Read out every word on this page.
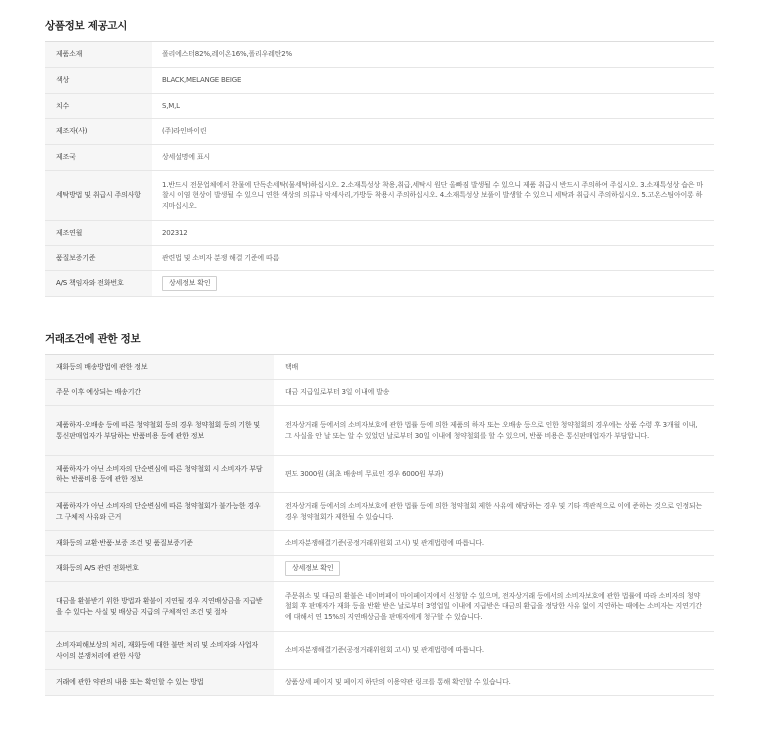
상품정보 제공고시
제품소재	폴리에스터82%,레이온16%,폴리우레탄2%
색상	BLACK,MELANGE BEIGE
치수	S,M,L
제조자(사)	(주)라인바이린
제조국	상세설명에 표시
세탁방법 및 취급시 주의사항	1.반드시 전문업체에서 찬물에 단독손세탁(물세탁)하십시오. 2.소재특성상 착용,취급,세탁시 원단 올빠짐 발생될 수 있으니 제품 취급시 반드시 주의하여 주십시오. 3.소재특성상 습은 마찰시 이염 현상이 발생될 수 있으니 연한 색상의 의류나 악세사리,가방등 착용시 주의하십시오. 4.소재특성상 보풀이 발생할 수 있으니 세탁과 취급시 주의하십시오. 5.고온스팀아이롱 하지마십시오.
제조연월	202312
품질보증기준	관련법 및 소비자 분쟁 해결 기준에 따름
A/S 책임자와 전화번호	상세정보 확인
거래조건에 관한 정보
재화등의 배송방법에 관한 정보	택배
주문 이후 예상되는 배송기간	대금 지급일로부터 3일 이내에 발송
제품하자·오배송 등에 따른 청약철회 등의 경우 청약철회 등의 기한 및 통신판매업자가 부담하는 반품비용 등에 관한 정보	전자상거래 등에서의 소비자보호에 관한 법률 등에 의한 제품의 하자 또는 오배송 등으로 인한 청약철회의 경우에는 상품 수령 후 3개월 이내, 그 사실을 안 날 또는 알 수 있었던 날로부터 30일 이내에 청약철회를 할 수 있으며, 반품 비용은 통신판매업자가 부담합니다.
제품하자가 아닌 소비자의 단순변심에 따른 청약철회 시 소비자가 부담하는 반품비용 등에 관한 정보	편도 3000원 (최초 배송비 무료인 경우 6000원 부과)
제품하자가 아닌 소비자의 단순변심에 따른 청약철회가 불가능한 경우 그 구체적 사유와 근거	전자상거래 등에서의 소비자보호에 관한 법률 등에 의한 청약철회 제한 사유에 해당하는 경우 및 기타 객관적으로 이에 준하는 것으로 인정되는 경우 청약철회가 제한될 수 있습니다.
재화등의 교환·반품·보증 조건 및 품질보증기준	소비자분쟁해결기준(공정거래위원회 고시) 및 관계법령에 따릅니다.
재화등의 A/S 관련 전화번호	상세정보 확인
대금을 환불받기 위한 방법과 환불이 지연될 경우 지연배상금을 지급받을 수 있다는 사실 및 배상금 지급의 구체적인 조건 및 절차	주문취소 및 대금의 환불은 네이버페이 마이페이지에서 신청할 수 있으며, 전자상거래 등에서의 소비자보호에 관한 법률에 따라 소비자의 청약철회 후 판매자가 재화 등을 반환 받은 날로부터 3영업일 이내에 지급받은 대금의 환급을 정당한 사유 없이 지연하는 때에는 소비자는 지연기간에 대해서 연 15%의 지연배상금을 판매자에게 청구할 수 있습니다.
소비자피해보상의 처리, 재화등에 대한 불만 처리 및 소비자와 사업자 사이의 분쟁처리에 관한 사항	소비자분쟁해결기준(공정거래위원회 고시) 및 관계법령에 따릅니다.
거래에 관한 약관의 내용 또는 확인할 수 있는 방법	상품상세 페이지 및 페이지 하단의 이용약관 링크를 통해 확인할 수 있습니다.
